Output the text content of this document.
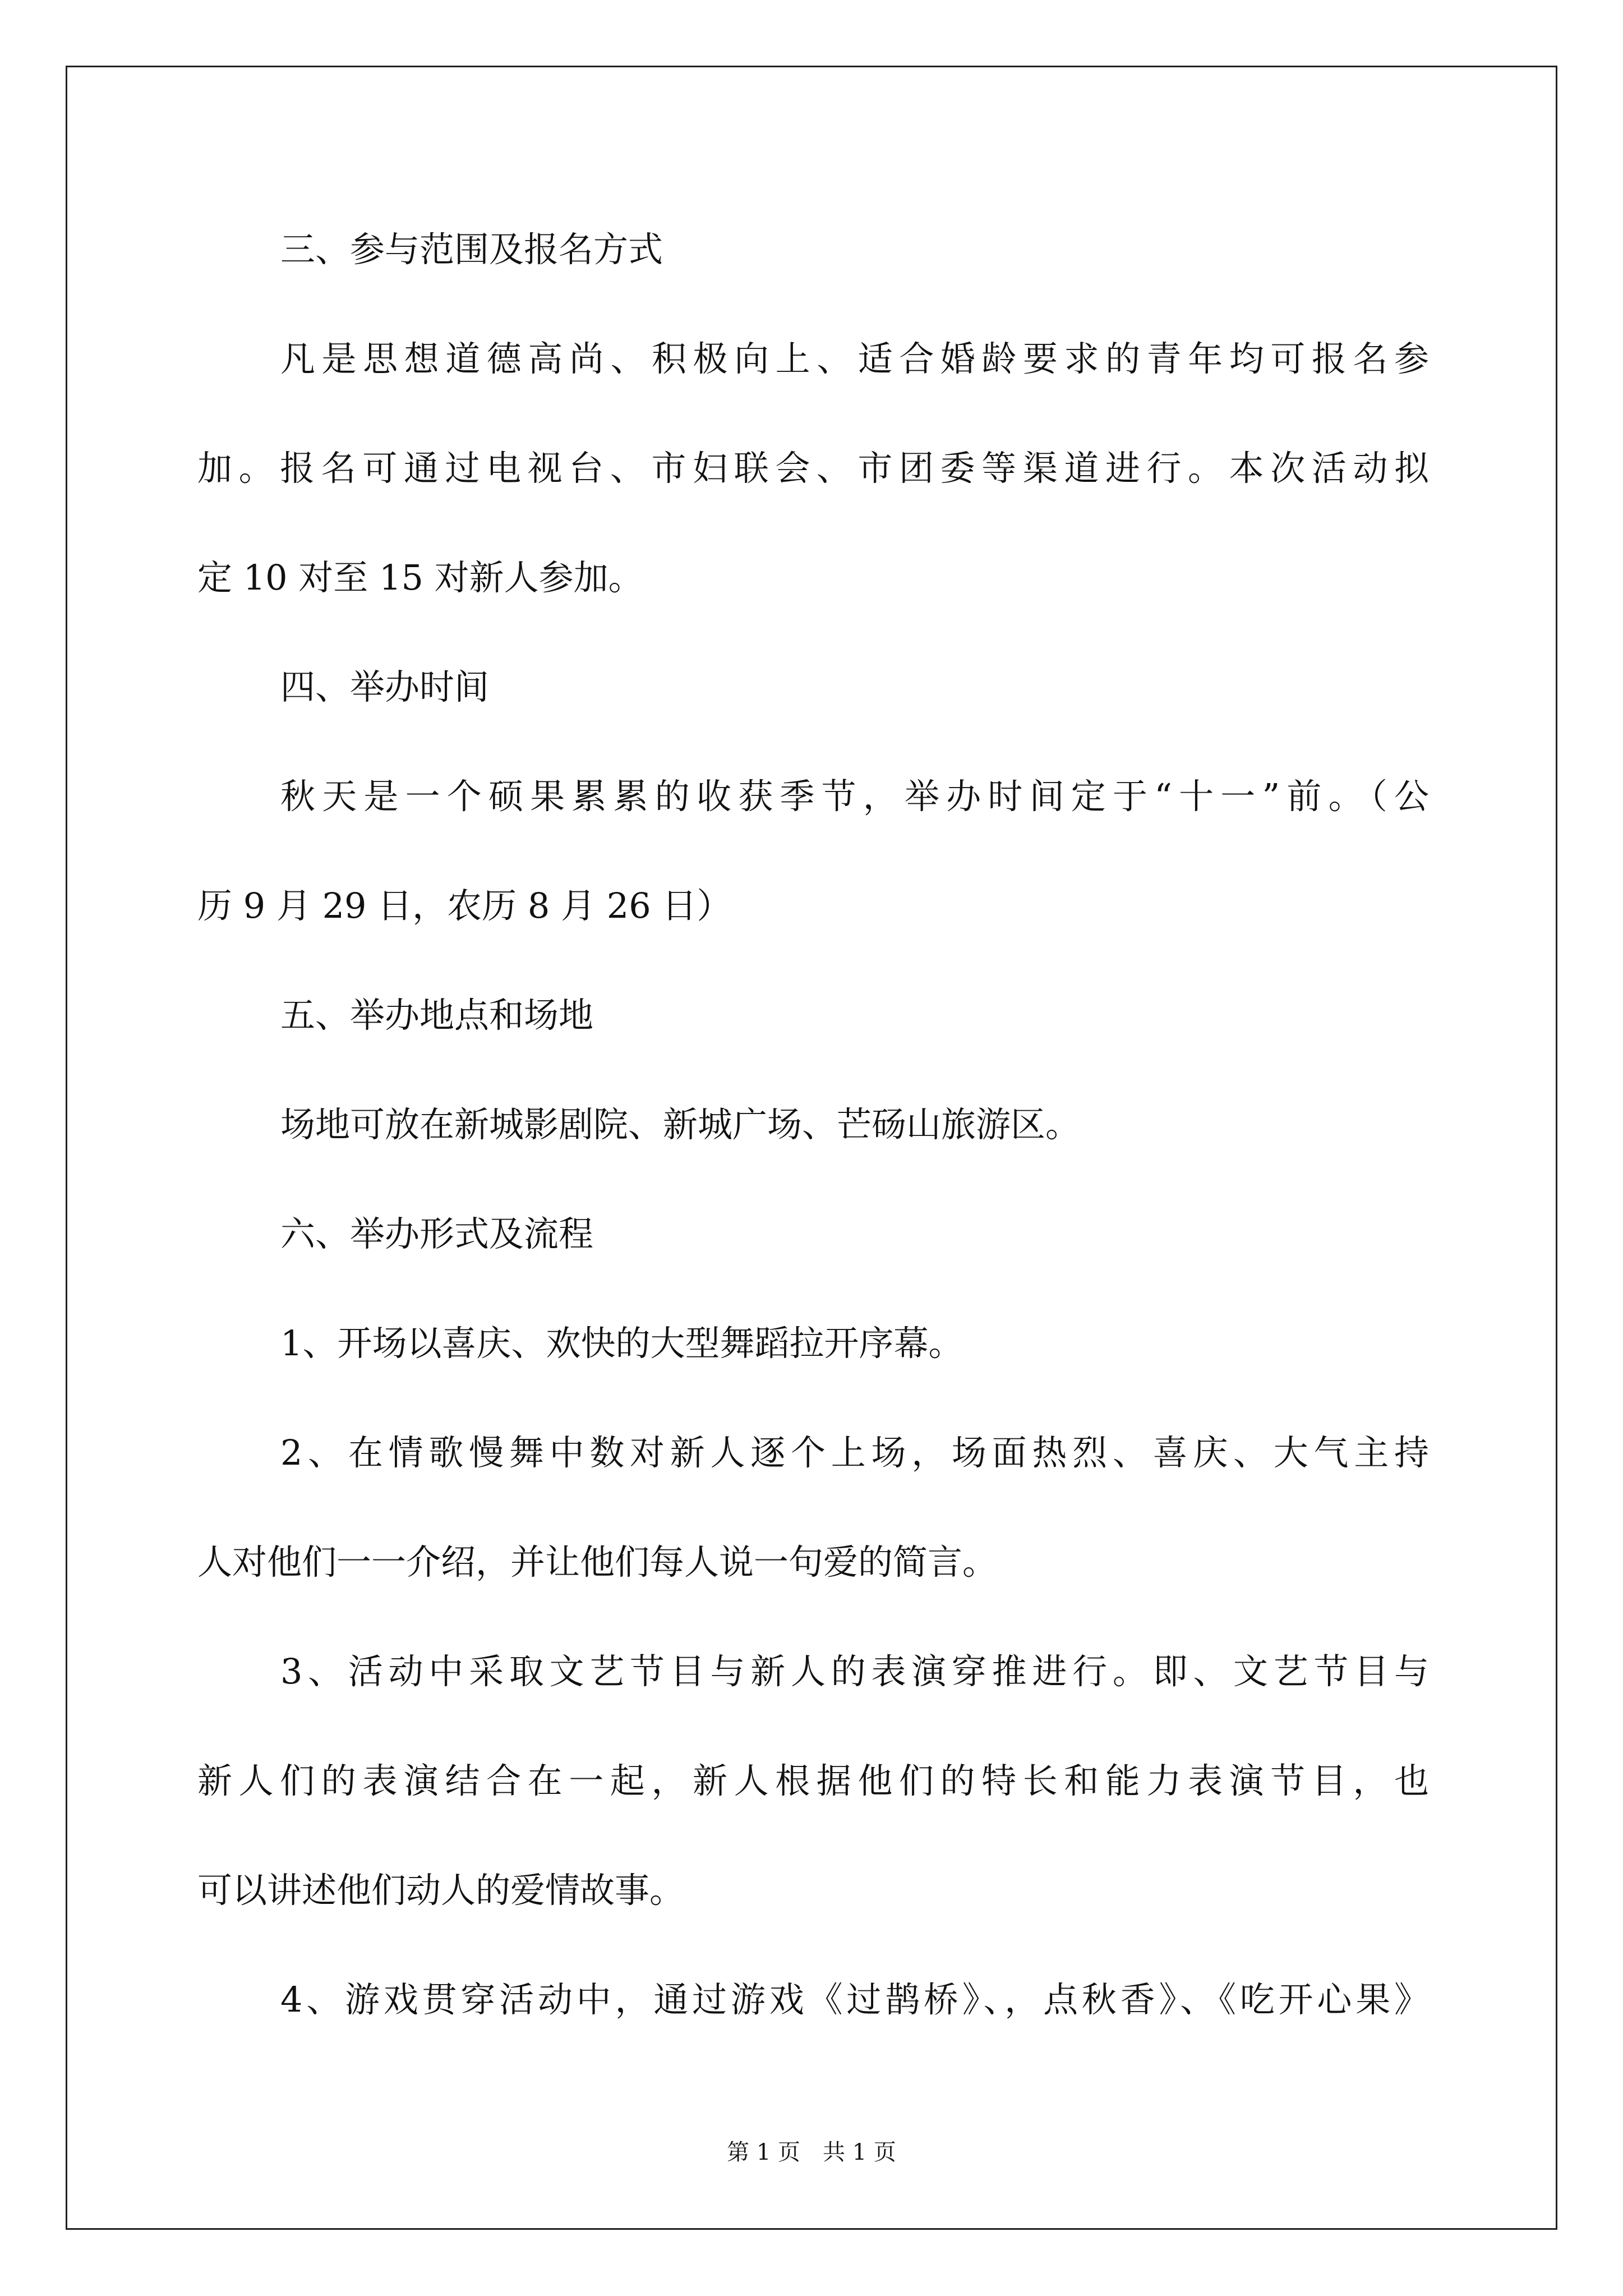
三、参与范围及报名方式
凡是思想道德高尚、积极向上、适合婚龄要求的青年均可报名参
加。报名可通过电视台、市妇联会、市团委等渠道进行。本次活动拟
定 10 对至 15 对新人参加。
四、举办时间
秋天是一个硕果累累的收获季节，举办时间定于“十一”前。（公
历 9 月 29 日，农历 8 月 26 日）
五、举办地点和场地
场地可放在新城影剧院、新城广场、芒砀山旅游区。
六、举办形式及流程
1、开场以喜庆、欢快的大型舞蹈拉开序幕。
2、在情歌慢舞中数对新人逐个上场，场面热烈、喜庆、大气主持
人对他们一一介绍，并让他们每人说一句爱的简言。
3、活动中采取文艺节目与新人的表演穿推进行。即、文艺节目与
新人们的表演结合在一起，新人根据他们的特长和能力表演节目，也
可以讲述他们动人的爱情故事。
4、游戏贯穿活动中，通过游戏《过鹊桥》、，点秋香》、《吃开心果》
第 1 页　共 1 页
